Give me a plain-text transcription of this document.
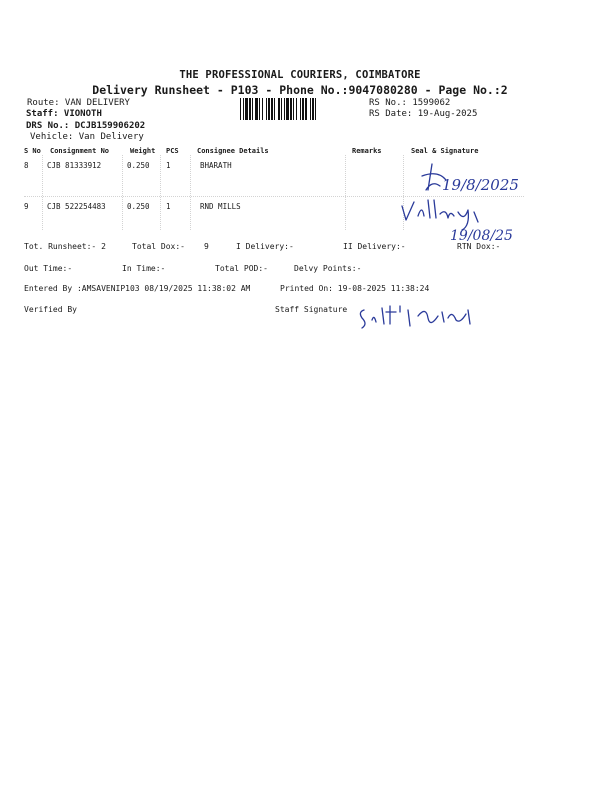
THE PROFESSIONAL COURIERS, COIMBATORE
Delivery Runsheet - P103 - Phone No.:9047080280 - Page No.:2
Route: VAN DELIVERY
Staff: VIONOTH
DRS No.: DCJB159906202
Vehicle: Van Delivery
RS No.: 1599062
RS Date: 19-Aug-2025
S No Consignment No	Weight PCS	Consignee Details	Remarks	Seal & Signature
8 CJB 81333912	0.250 1	BHARATH
9 CJB 522254483	0.250 1	RND MILLS
19/8/2025
19/08/25
Tot. Runsheet:- 2	Total Dox:- 9	I Delivery:-	II Delivery:-	RTN Dox:-
Out Time:-	In Time:-	Total POD:-	Delvy Points:-
Entered By :AMSAVENIP103 08/19/2025 11:38:02 AM	Printed On: 19-08-2025 11:38:24
Verified By	Staff Signature
